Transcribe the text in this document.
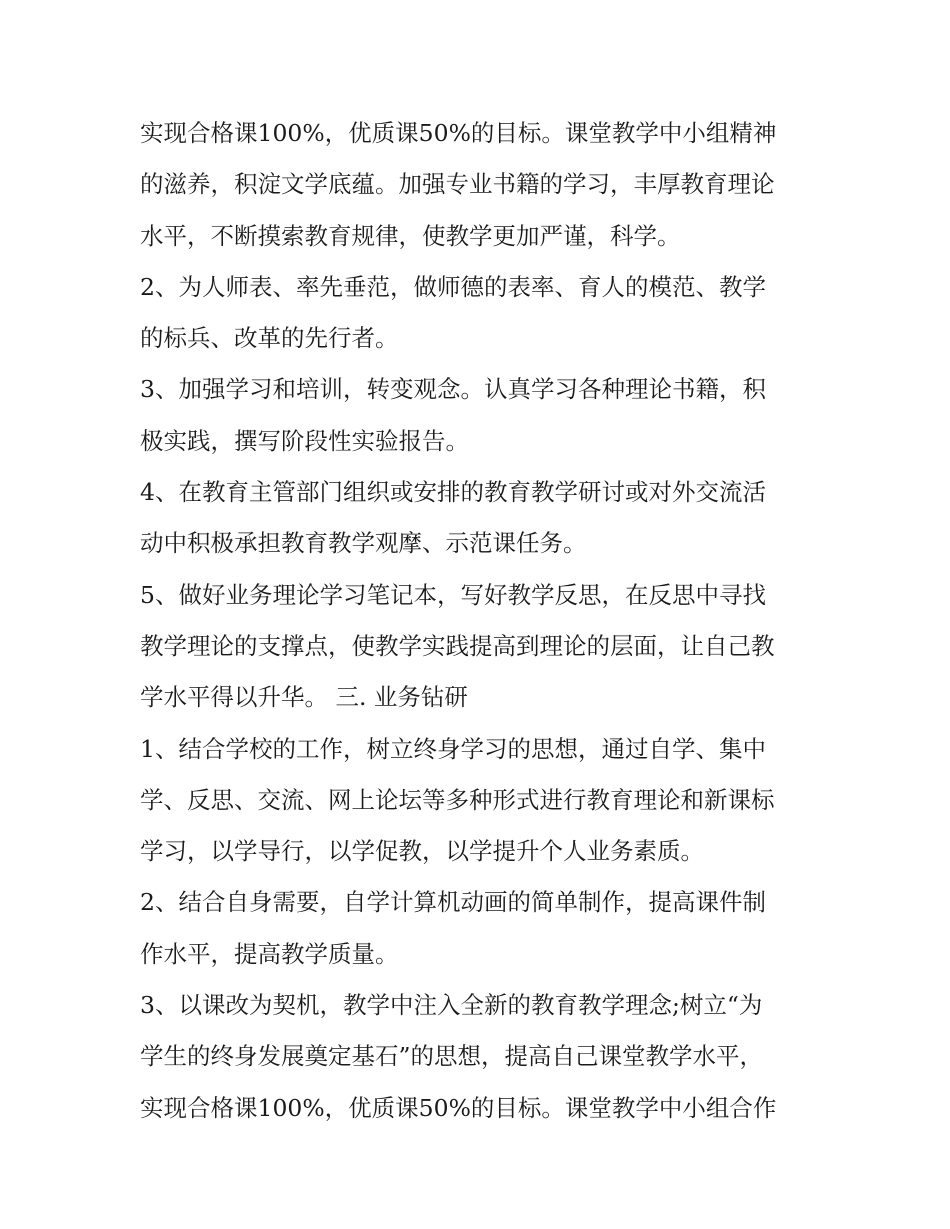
实现合格课100%，优质课50%的目标。课堂教学中小组精神
的滋养，积淀文学底蕴。加强专业书籍的学习，丰厚教育理论
水平，不断摸索教育规律，使教学更加严谨，科学。
2、为人师表、率先垂范，做师德的表率、育人的模范、教学
的标兵、改革的先行者。
3、加强学习和培训，转变观念。认真学习各种理论书籍，积
极实践，撰写阶段性实验报告。
4、在教育主管部门组织或安排的教育教学研讨或对外交流活
动中积极承担教育教学观摩、示范课任务。
5、做好业务理论学习笔记本，写好教学反思，在反思中寻找
教学理论的支撑点，使教学实践提高到理论的层面，让自己教
学水平得以升华。 三. 业务钻研
1、结合学校的工作，树立终身学习的思想，通过自学、集中
学、反思、交流、网上论坛等多种形式进行教育理论和新课标
学习，以学导行，以学促教，以学提升个人业务素质。
2、结合自身需要，自学计算机动画的简单制作，提高课件制
作水平，提高教学质量。
3、以课改为契机，教学中注入全新的教育教学理念;树立“为
学生的终身发展奠定基石”的思想，提高自己课堂教学水平，
实现合格课100%，优质课50%的目标。课堂教学中小组合作
